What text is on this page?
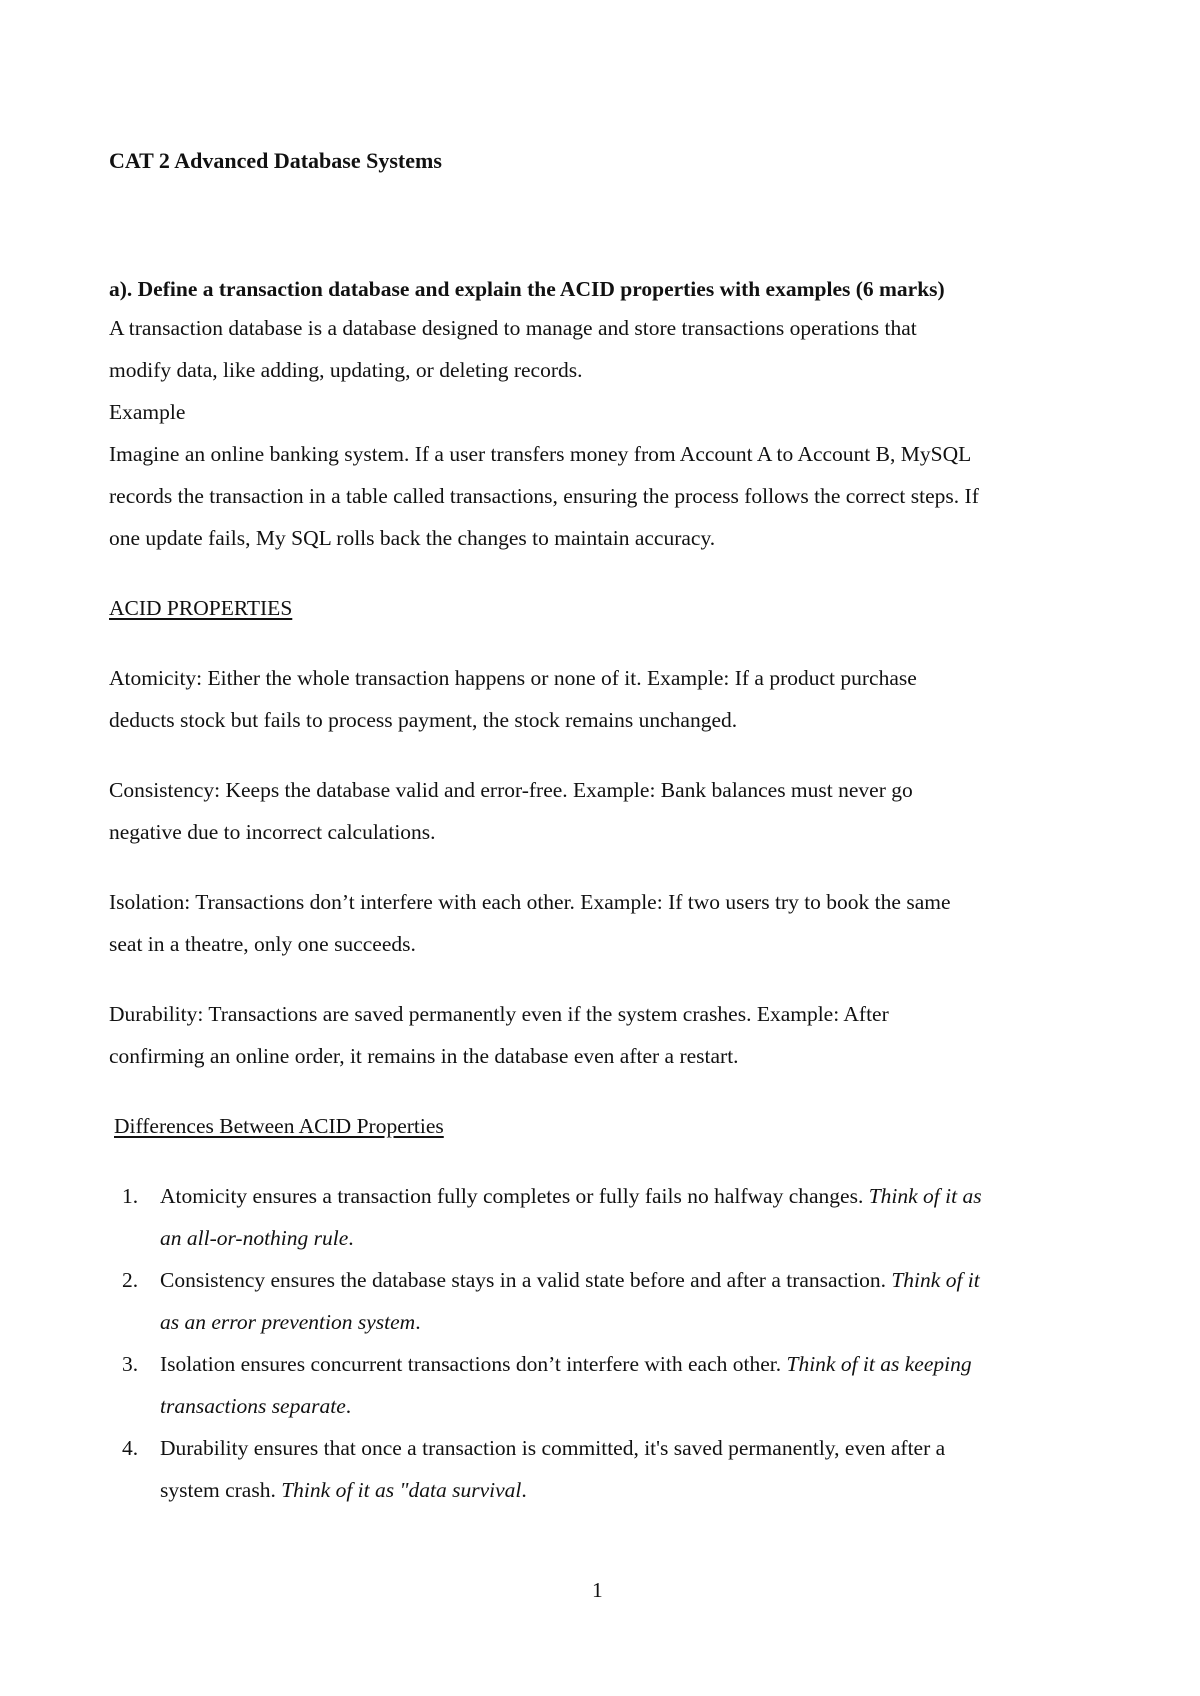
CAT 2 Advanced Database Systems
a). Define a transaction database and explain the ACID properties with examples (6 marks)
A transaction database is a database designed to manage and store transactions operations that
modify data, like adding, updating, or deleting records.
Example
Imagine an online banking system. If a user transfers money from Account A to Account B, MySQL
records the transaction in a table called transactions, ensuring the process follows the correct steps. If
one update fails, My SQL rolls back the changes to maintain accuracy.
ACID PROPERTIES
Atomicity: Either the whole transaction happens or none of it. Example: If a product purchase
deducts stock but fails to process payment, the stock remains unchanged.
Consistency: Keeps the database valid and error-free. Example: Bank balances must never go
negative due to incorrect calculations.
Isolation: Transactions don’t interfere with each other. Example: If two users try to book the same
seat in a theatre, only one succeeds.
Durability: Transactions are saved permanently even if the system crashes. Example: After
confirming an online order, it remains in the database even after a restart.
Differences Between ACID Properties
1. Atomicity ensures a transaction fully completes or fully fails no halfway changes. Think of it as
an all-or-nothing rule.
2. Consistency ensures the database stays in a valid state before and after a transaction. Think of it
as an error prevention system.
3. Isolation ensures concurrent transactions don’t interfere with each other. Think of it as keeping
transactions separate.
4. Durability ensures that once a transaction is committed, it's saved permanently, even after a
system crash. Think of it as "data survival.
1
